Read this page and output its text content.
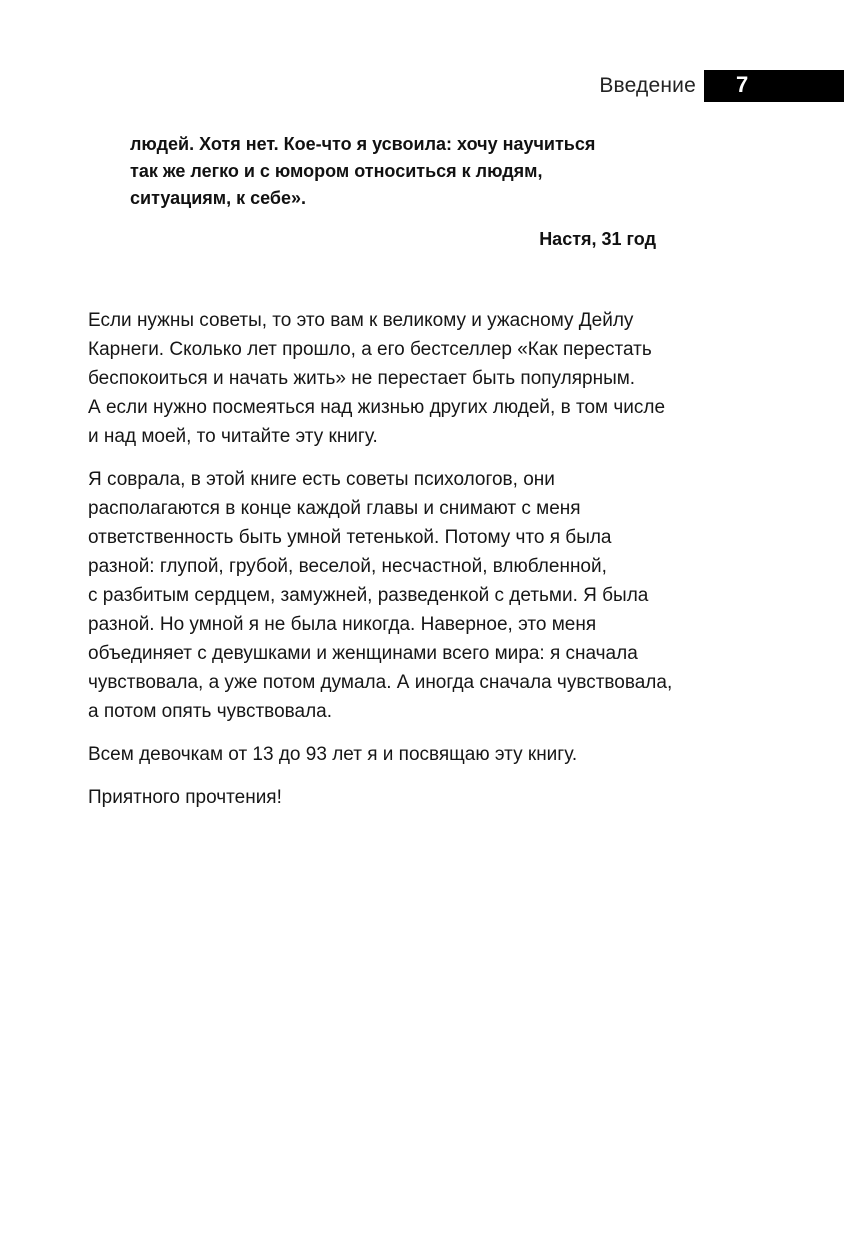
Введение 7
людей. Хотя нет. Кое-что я усвоила: хочу научиться
так же легко и с юмором относиться к людям,
ситуациям, к себе».
Настя, 31 год

Если нужны советы, то это вам к великому и ужасному Дейлу
Карнеги. Сколько лет прошло, а его бестселлер «Как перестать
беспокоиться и начать жить» не перестает быть популярным.
А если нужно посмеяться над жизнью других людей, в том числе
и над моей, то читайте эту книгу.

Я соврала, в этой книге есть советы психологов, они
располагаются в конце каждой главы и снимают с меня
ответственность быть умной тетенькой. Потому что я была
разной: глупой, грубой, веселой, несчастной, влюбленной,
с разбитым сердцем, замужней, разведенкой с детьми. Я была
разной. Но умной я не была никогда. Наверное, это меня
объединяет с девушками и женщинами всего мира: я сначала
чувствовала, а уже потом думала. А иногда сначала чувствовала,
а потом опять чувствовала.

Всем девочкам от 13 до 93 лет я и посвящаю эту книгу.

Приятного прочтения!
